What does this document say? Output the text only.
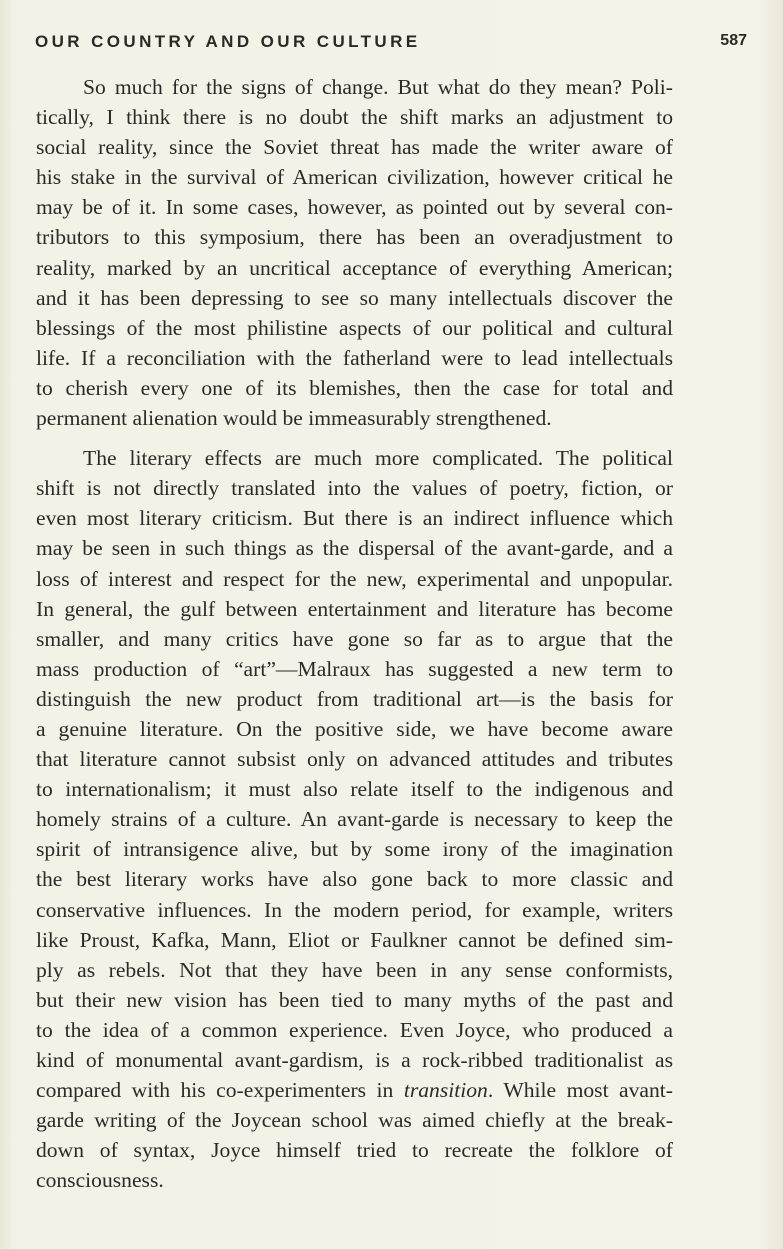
OUR COUNTRY AND OUR CULTURE	587

So much for the signs of change. But what do they mean? Poli-
tically, I think there is no doubt the shift marks an adjustment to
social reality, since the Soviet threat has made the writer aware of
his stake in the survival of American civilization, however critical he
may be of it. In some cases, however, as pointed out by several con-
tributors to this symposium, there has been an overadjustment to
reality, marked by an uncritical acceptance of everything American;
and it has been depressing to see so many intellectuals discover the
blessings of the most philistine aspects of our political and cultural
life. If a reconciliation with the fatherland were to lead intellectuals
to cherish every one of its blemishes, then the case for total and
permanent alienation would be immeasurably strengthened.

The literary effects are much more complicated. The political
shift is not directly translated into the values of poetry, fiction, or
even most literary criticism. But there is an indirect influence which
may be seen in such things as the dispersal of the avant-garde, and a
loss of interest and respect for the new, experimental and unpopular.
In general, the gulf between entertainment and literature has become
smaller, and many critics have gone so far as to argue that the
mass production of “art”—Malraux has suggested a new term to
distinguish the new product from traditional art—is the basis for
a genuine literature. On the positive side, we have become aware
that literature cannot subsist only on advanced attitudes and tributes
to internationalism; it must also relate itself to the indigenous and
homely strains of a culture. An avant-garde is necessary to keep the
spirit of intransigence alive, but by some irony of the imagination
the best literary works have also gone back to more classic and
conservative influences. In the modern period, for example, writers
like Proust, Kafka, Mann, Eliot or Faulkner cannot be defined sim-
ply as rebels. Not that they have been in any sense conformists,
but their new vision has been tied to many myths of the past and
to the idea of a common experience. Even Joyce, who produced a
kind of monumental avant-gardism, is a rock-ribbed traditionalist as
compared with his co-experimenters in transition. While most avant-
garde writing of the Joycean school was aimed chiefly at the break-
down of syntax, Joyce himself tried to recreate the folklore of
consciousness.
